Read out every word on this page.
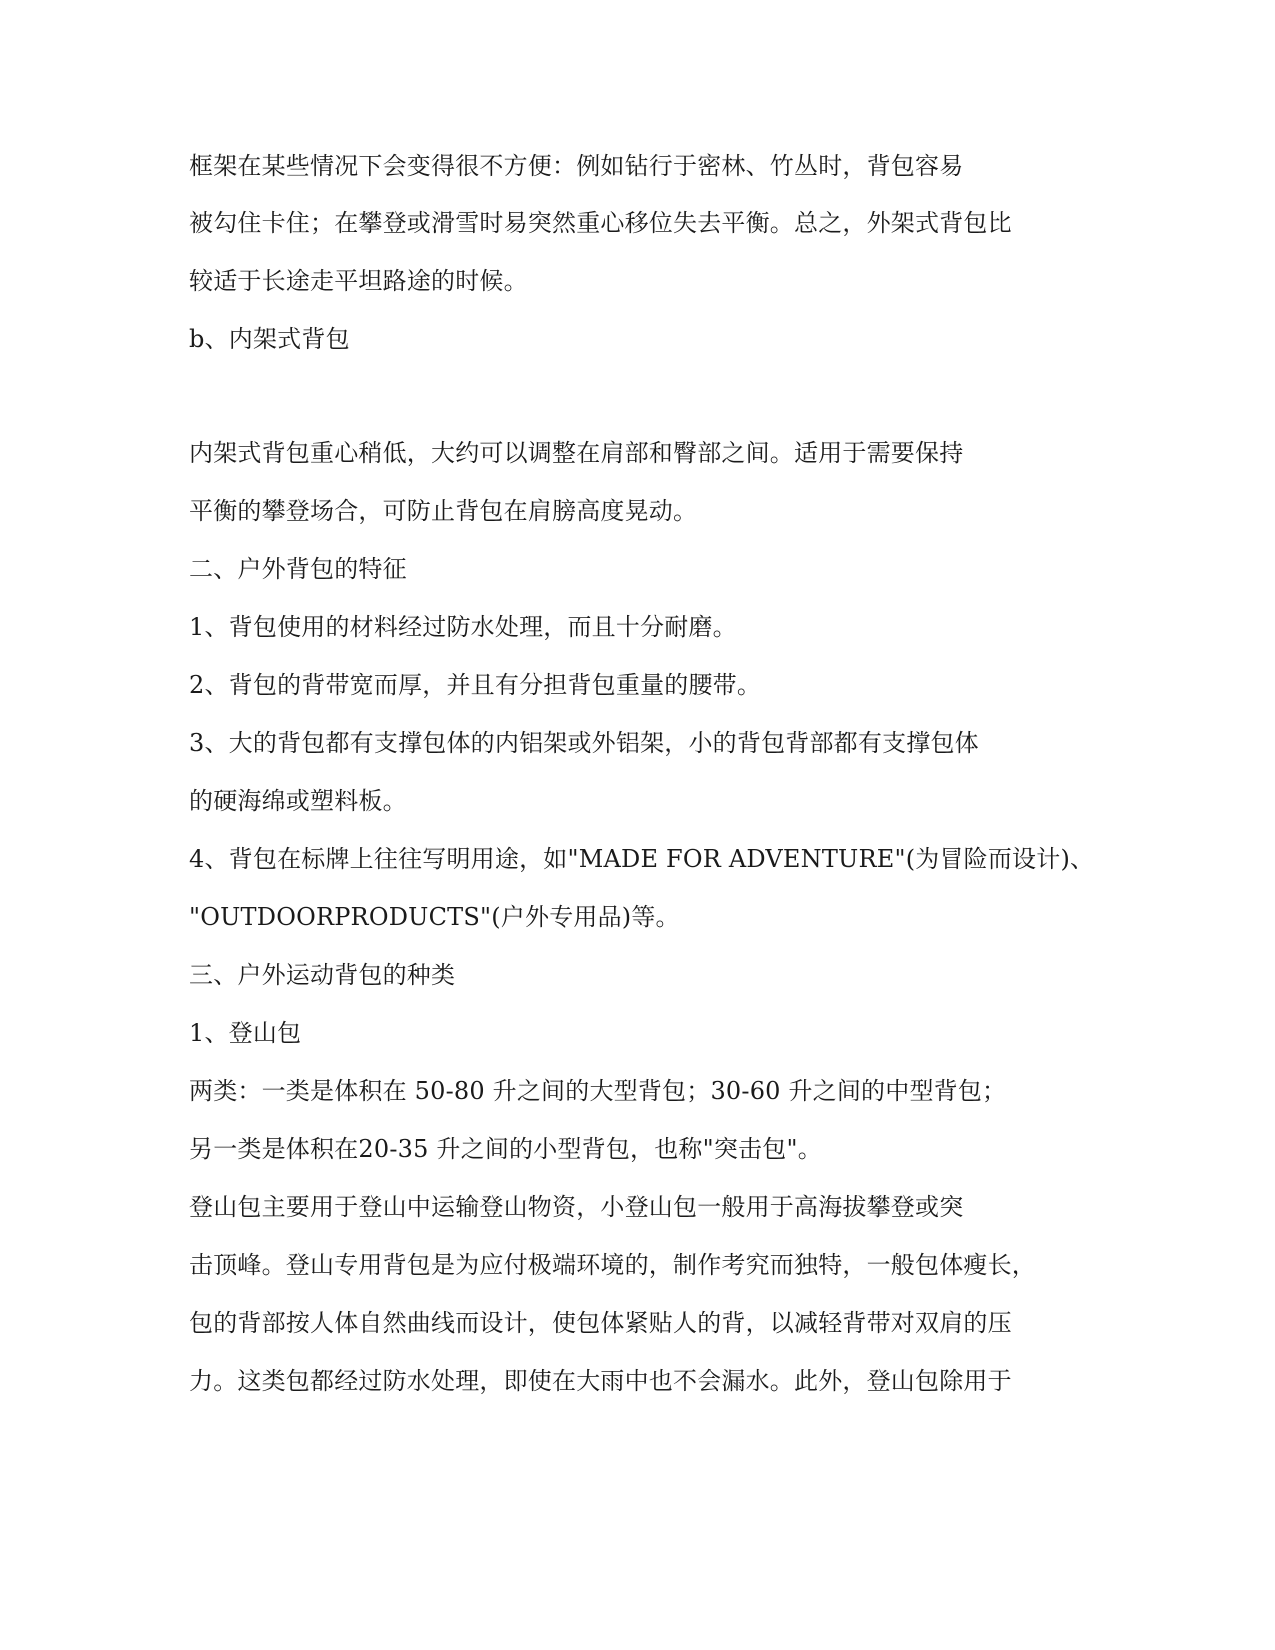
框架在某些情况下会变得很不方便：例如钻行于密林、竹丛时，背包容易
被勾住卡住；在攀登或滑雪时易突然重心移位失去平衡。总之，外架式背包比
较适于长途走平坦路途的时候。
b、内架式背包
内架式背包重心稍低，大约可以调整在肩部和臀部之间。适用于需要保持
平衡的攀登场合，可防止背包在肩膀高度晃动。
二、户外背包的特征
1、背包使用的材料经过防水处理，而且十分耐磨。
2、背包的背带宽而厚，并且有分担背包重量的腰带。
3、大的背包都有支撑包体的内铝架或外铝架，小的背包背部都有支撑包体
的硬海绵或塑料板。
4、背包在标牌上往往写明用途，如"MADE FOR ADVENTURE"(为冒险而设计)、
"OUTDOORPRODUCTS"(户外专用品)等。
三、户外运动背包的种类
1、登山包
两类：一类是体积在 50-80 升之间的大型背包；30-60 升之间的中型背包；
另一类是体积在20-35 升之间的小型背包，也称"突击包"。
登山包主要用于登山中运输登山物资，小登山包一般用于高海拔攀登或突
击顶峰。登山专用背包是为应付极端环境的，制作考究而独特，一般包体瘦长，
包的背部按人体自然曲线而设计，使包体紧贴人的背，以减轻背带对双肩的压
力。这类包都经过防水处理，即使在大雨中也不会漏水。此外，登山包除用于
